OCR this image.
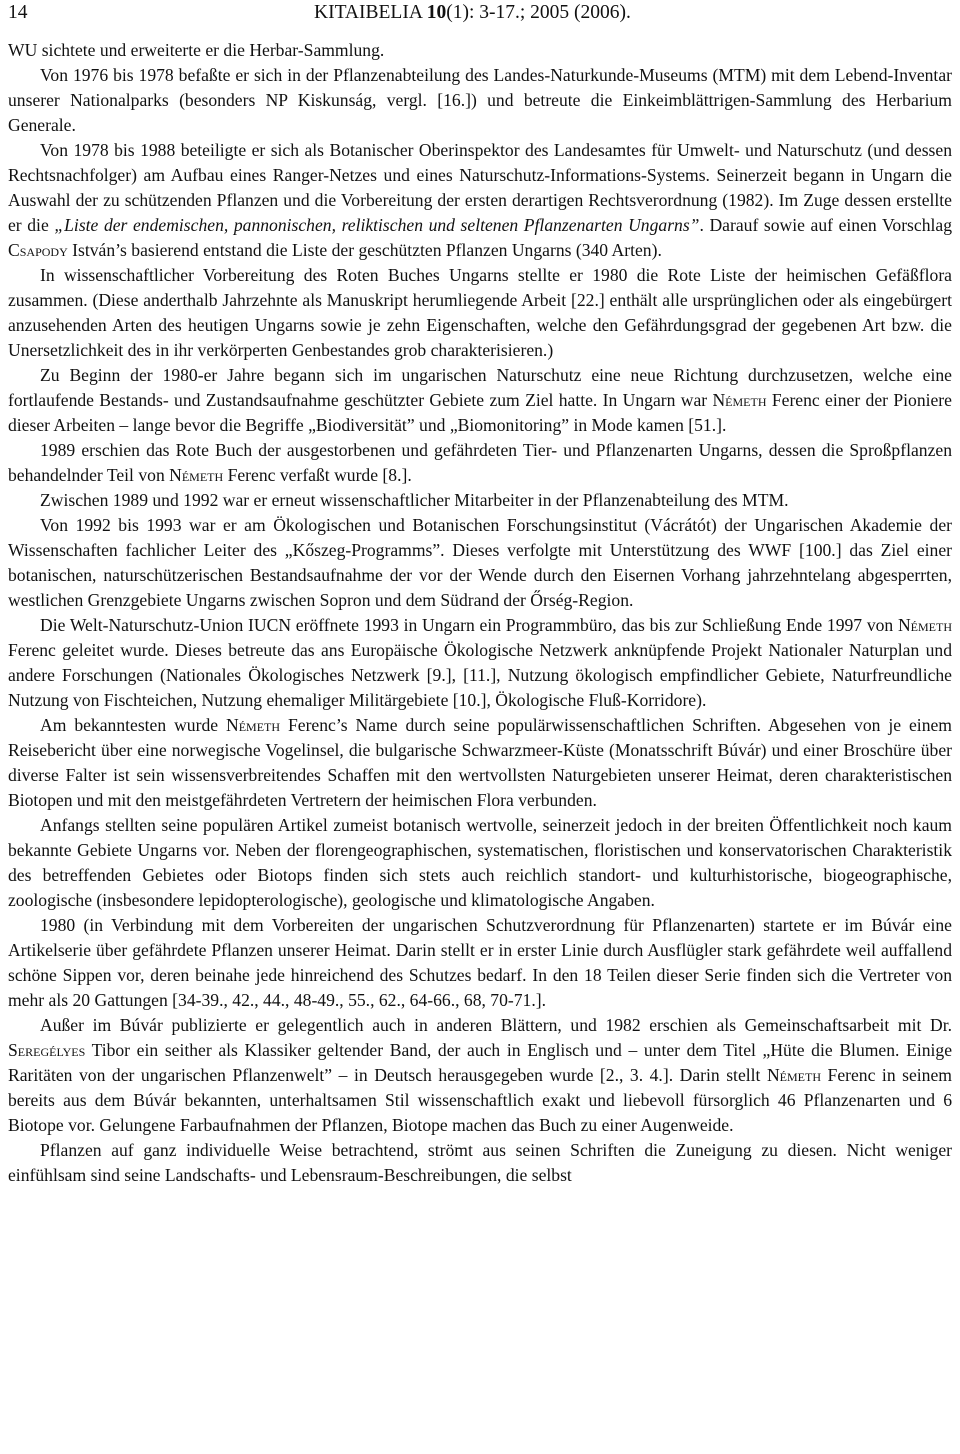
14	KITAIBELIA 10(1): 3-17.; 2005 (2006).

WU sichtete und erweiterte er die Herbar-Sammlung.

Von 1976 bis 1978 befaßte er sich in der Pflanzenabteilung des Landes-Naturkunde-Museums (MTM) mit dem Lebend-Inventar unserer Nationalparks (besonders NP Kiskunság, vergl. [16.]) und betreute die Einkeimblättrigen-Sammlung des Herbarium Generale.

Von 1978 bis 1988 beteiligte er sich als Botanischer Oberinspektor des Landesamtes für Umwelt- und Naturschutz (und dessen Rechtsnachfolger) am Aufbau eines Ranger-Netzes und eines Naturschutz-Informations-Systems. Seinerzeit begann in Ungarn die Auswahl der zu schützenden Pflanzen und die Vorbereitung der ersten derartigen Rechtsverordnung (1982). Im Zuge dessen erstellte er die „Liste der endemischen, pannonischen, reliktischen und seltenen Pflanzenarten Ungarns”. Darauf sowie auf einen Vorschlag Csapody István’s basierend entstand die Liste der geschützten Pflanzen Ungarns (340 Arten).

In wissenschaftlicher Vorbereitung des Roten Buches Ungarns stellte er 1980 die Rote Liste der heimischen Gefäßflora zusammen. (Diese anderthalb Jahrzehnte als Manuskript herumliegende Arbeit [22.] enthält alle ursprünglichen oder als eingebürgert anzusehenden Arten des heutigen Ungarns sowie je zehn Eigenschaften, welche den Gefährdungsgrad der gegebenen Art bzw. die Unersetzlichkeit des in ihr verkörperten Genbestandes grob charakterisieren.)

Zu Beginn der 1980-er Jahre begann sich im ungarischen Naturschutz eine neue Richtung durchzusetzen, welche eine fortlaufende Bestands- und Zustandsaufnahme geschützter Gebiete zum Ziel hatte. In Ungarn war Németh Ferenc einer der Pioniere dieser Arbeiten – lange bevor die Begriffe „Biodiversität” und „Biomonitoring” in Mode kamen [51.].

1989 erschien das Rote Buch der ausgestorbenen und gefährdeten Tier- und Pflanzenarten Ungarns, dessen die Sproßpflanzen behandelnder Teil von Németh Ferenc verfaßt wurde [8.].

Zwischen 1989 und 1992 war er erneut wissenschaftlicher Mitarbeiter in der Pflanzenabteilung des MTM.

Von 1992 bis 1993 war er am Ökologischen und Botanischen Forschungsinstitut (Vácrátót) der Ungarischen Akademie der Wissenschaften fachlicher Leiter des „Kőszeg-Programms”. Dieses verfolgte mit Unterstützung des WWF [100.] das Ziel einer botanischen, naturschützerischen Bestandsaufnahme der vor der Wende durch den Eisernen Vorhang jahrzehntelang abgesperrten, westlichen Grenzgebiete Ungarns zwischen Sopron und dem Südrand der Őrség-Region.

Die Welt-Naturschutz-Union IUCN eröffnete 1993 in Ungarn ein Programmbüro, das bis zur Schließung Ende 1997 von Németh Ferenc geleitet wurde. Dieses betreute das ans Europäische Ökologische Netzwerk anknüpfende Projekt Nationaler Naturplan und andere Forschungen (Nationales Ökologisches Netzwerk [9.], [11.], Nutzung ökologisch empfindlicher Gebiete, Naturfreundliche Nutzung von Fischteichen, Nutzung ehemaliger Militärgebiete [10.], Ökologische Fluß-Korridore).

Am bekanntesten wurde Németh Ferenc’s Name durch seine populärwissenschaftlichen Schriften. Abgesehen von je einem Reisebericht über eine norwegische Vogelinsel, die bulgarische Schwarzmeer-Küste (Monatsschrift Búvár) und einer Broschüre über diverse Falter ist sein wissensverbreitendes Schaffen mit den wertvollsten Naturgebieten unserer Heimat, deren charakteristischen Biotopen und mit den meistgefährdeten Vertretern der heimischen Flora verbunden.

Anfangs stellten seine populären Artikel zumeist botanisch wertvolle, seinerzeit jedoch in der breiten Öffentlichkeit noch kaum bekannte Gebiete Ungarns vor. Neben der florengeographischen, systematischen, floristischen und konservatorischen Charakteristik des betreffenden Gebietes oder Biotops finden sich stets auch reichlich standort- und kulturhistorische, biogeographische, zoologische (insbesondere lepidopterologische), geologische und klimatologische Angaben.

1980 (in Verbindung mit dem Vorbereiten der ungarischen Schutzverordnung für Pflanzenarten) startete er im Búvár eine Artikelserie über gefährdete Pflanzen unserer Heimat. Darin stellt er in erster Linie durch Ausflügler stark gefährdete weil auffallend schöne Sippen vor, deren beinahe jede hinreichend des Schutzes bedarf. In den 18 Teilen dieser Serie finden sich die Vertreter von mehr als 20 Gattungen [34-39., 42., 44., 48-49., 55., 62., 64-66., 68, 70-71.].

Außer im Búvár publizierte er gelegentlich auch in anderen Blättern, und 1982 erschien als Gemeinschaftsarbeit mit Dr. Seregélyes Tibor ein seither als Klassiker geltender Band, der auch in Englisch und – unter dem Titel „Hüte die Blumen. Einige Raritäten von der ungarischen Pflanzenwelt” – in Deutsch herausgegeben wurde [2., 3. 4.]. Darin stellt Németh Ferenc in seinem bereits aus dem Búvár bekannten, unterhaltsamen Stil wissenschaftlich exakt und liebevoll fürsorglich 46 Pflanzenarten und 6 Biotope vor. Gelungene Farbaufnahmen der Pflanzen, Biotope machen das Buch zu einer Augenweide.

Pflanzen auf ganz individuelle Weise betrachtend, strömt aus seinen Schriften die Zuneigung zu diesen. Nicht weniger einfühlsam sind seine Landschafts- und Lebensraum-Beschreibungen, die selbst
